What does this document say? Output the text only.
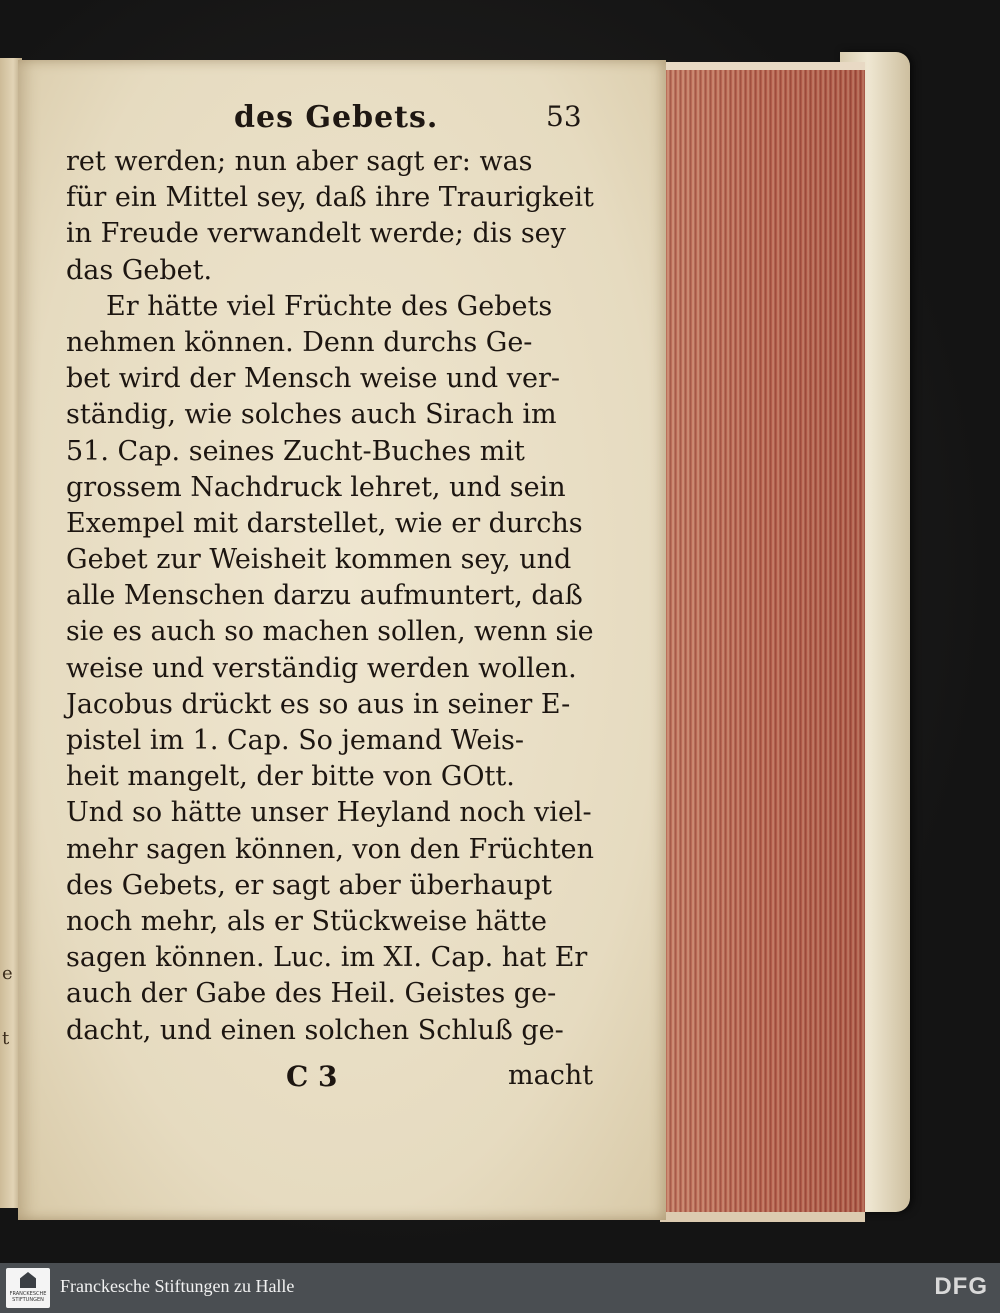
e
t
des Gebets.	53
ret werden; nun aber sagt er: was
für ein Mittel sey, daß ihre Traurigkeit
in Freude verwandelt werde; dis sey
das Gebet.
Er hätte viel Früchte des Gebets
nehmen können. Denn durchs Ge-
bet wird der Mensch weise und ver-
ständig, wie solches auch Sirach im
51. Cap. seines Zucht-Buches mit
grossem Nachdruck lehret, und sein
Exempel mit darstellet, wie er durchs
Gebet zur Weisheit kommen sey, und
alle Menschen darzu aufmuntert, daß
sie es auch so machen sollen, wenn sie
weise und verständig werden wollen.
Jacobus drückt es so aus in seiner E-
pistel im 1. Cap. So jemand Weis-
heit mangelt, der bitte von GOtt.
Und so hätte unser Heyland noch viel-
mehr sagen können, von den Früchten
des Gebets, er sagt aber überhaupt
noch mehr, als er Stückweise hätte
sagen können. Luc. im XI. Cap. hat Er
auch der Gabe des Heil. Geistes ge-
dacht, und einen solchen Schluß ge-
C 3	macht
FRANCKESCHE STIFTUNGEN
Franckesche Stiftungen zu Halle	DFG
